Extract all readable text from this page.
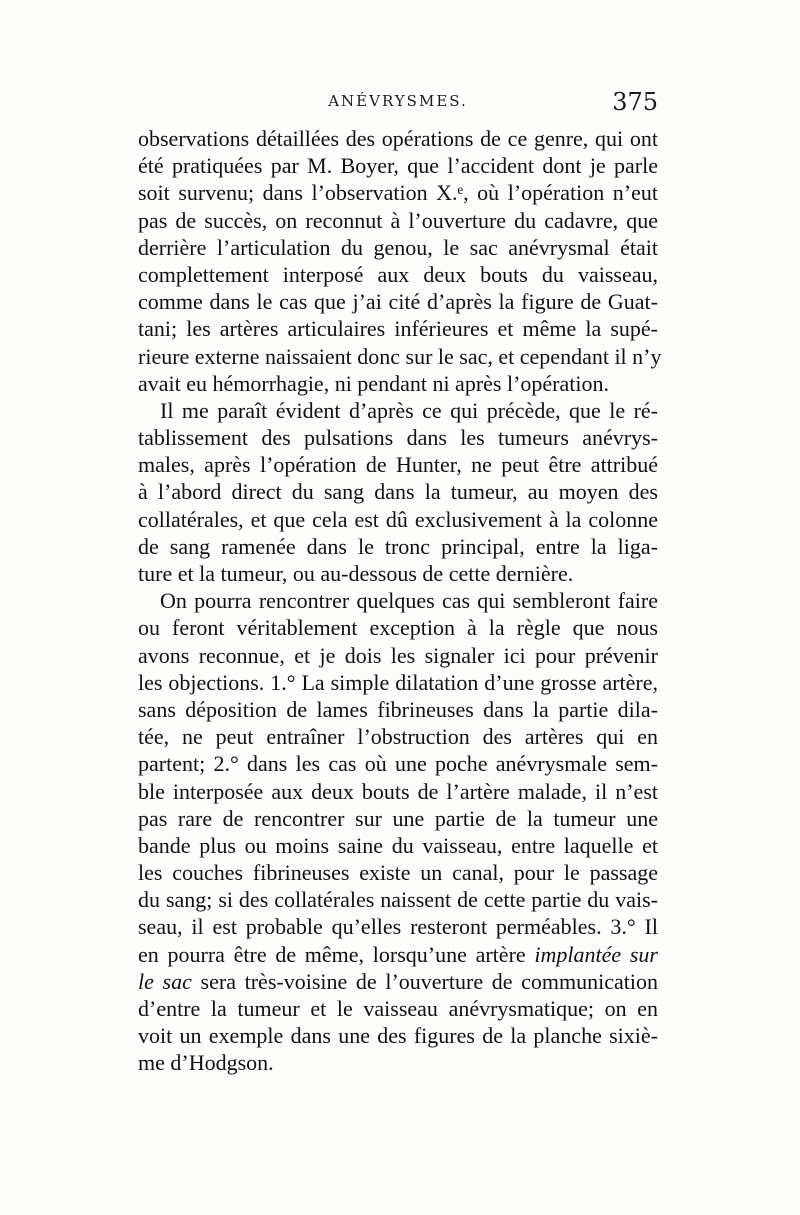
ANÉVRYSMES.	375
observations détaillées des opérations de ce genre, qui ont
été pratiquées par M. Boyer, que l’accident dont je parle
soit survenu; dans l’observation X.ᵉ, où l’opération n’eut
pas de succès, on reconnut à l’ouverture du cadavre, que
derrière l’articulation du genou, le sac anévrysmal était
complettement interposé aux deux bouts du vaisseau,
comme dans le cas que j’ai cité d’après la figure de Guat-
tani; les artères articulaires inférieures et même la supé-
rieure externe naissaient donc sur le sac, et cependant il n’y
avait eu hémorrhagie, ni pendant ni après l’opération.
Il me paraît évident d’après ce qui précède, que le ré-
tablissement des pulsations dans les tumeurs anévrys-
males, après l’opération de Hunter, ne peut être attribué
à l’abord direct du sang dans la tumeur, au moyen des
collatérales, et que cela est dû exclusivement à la colonne
de sang ramenée dans le tronc principal, entre la liga-
ture et la tumeur, ou au-dessous de cette dernière.
On pourra rencontrer quelques cas qui sembleront faire
ou feront véritablement exception à la règle que nous
avons reconnue, et je dois les signaler ici pour prévenir
les objections. 1.° La simple dilatation d’une grosse artère,
sans déposition de lames fibrineuses dans la partie dila-
tée, ne peut entraîner l’obstruction des artères qui en
partent; 2.° dans les cas où une poche anévrysmale sem-
ble interposée aux deux bouts de l’artère malade, il n’est
pas rare de rencontrer sur une partie de la tumeur une
bande plus ou moins saine du vaisseau, entre laquelle et
les couches fibrineuses existe un canal, pour le passage
du sang; si des collatérales naissent de cette partie du vais-
seau, il est probable qu’elles resteront perméables. 3.° Il
en pourra être de même, lorsqu’une artère implantée sur
le sac sera très-voisine de l’ouverture de communication
d’entre la tumeur et le vaisseau anévrysmatique; on en
voit un exemple dans une des figures de la planche sixiè-
me d’Hodgson.
